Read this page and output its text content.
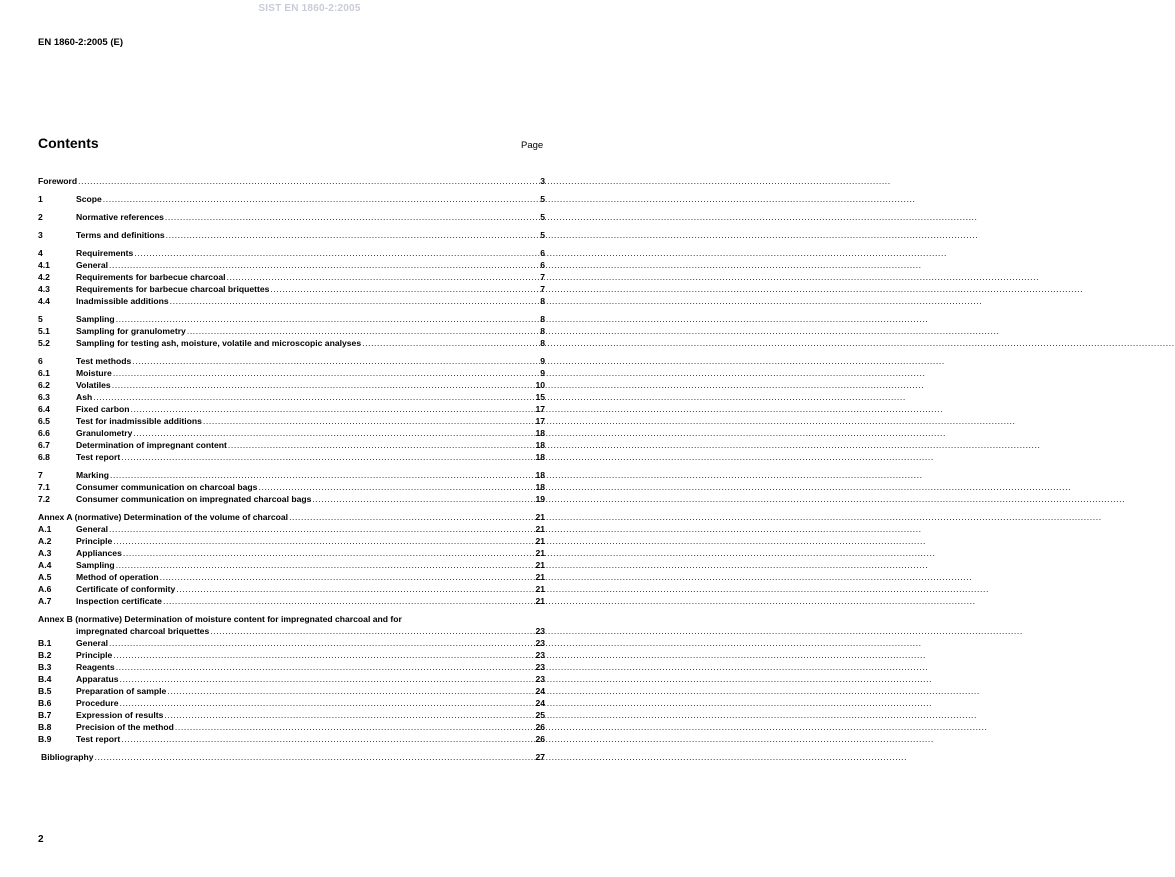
SIST EN 1860-2:2005
EN 1860-2:2005 (E)
Contents	Page
Foreword .....	3
1	Scope .....	5
2	Normative references .....	5
3	Terms and definitions .....	5
4	Requirements .....	6
4.1	General .....	6
4.2	Requirements for barbecue charcoal .....	7
4.3	Requirements for barbecue charcoal briquettes .....	7
4.4	Inadmissible additions .....	8
5	Sampling .....	8
5.1	Sampling for granulometry .....	8
5.2	Sampling for testing ash, moisture, volatile and microscopic analyses .....	8
6	Test methods .....	9
6.1	Moisture .....	9
6.2	Volatiles .....	10
6.3	Ash .....	15
6.4	Fixed carbon .....	17
6.5	Test for inadmissible additions .....	17
6.6	Granulometry .....	18
6.7	Determination of impregnant content .....	18
6.8	Test report .....	18
7	Marking .....	18
7.1	Consumer communication on charcoal bags .....	18
7.2	Consumer communication on impregnated charcoal bags .....	19
Annex A (normative) Determination of the volume of charcoal .....	21
A.1	General .....	21
A.2	Principle .....	21
A.3	Appliances .....	21
A.4	Sampling .....	21
A.5	Method of operation .....	21
A.6	Certificate of conformity .....	21
A.7	Inspection certificate .....	21
Annex B (normative) Determination of moisture content for impregnated charcoal and for
impregnated charcoal briquettes .....	23
B.1	General .....	23
B.2	Principle .....	23
B.3	Reagents .....	23
B.4	Apparatus .....	23
B.5	Preparation of sample .....	24
B.6	Procedure .....	24
B.7	Expression of results .....	25
B.8	Precision of the method .....	26
B.9	Test report .....	26
Bibliography .....	27
2
